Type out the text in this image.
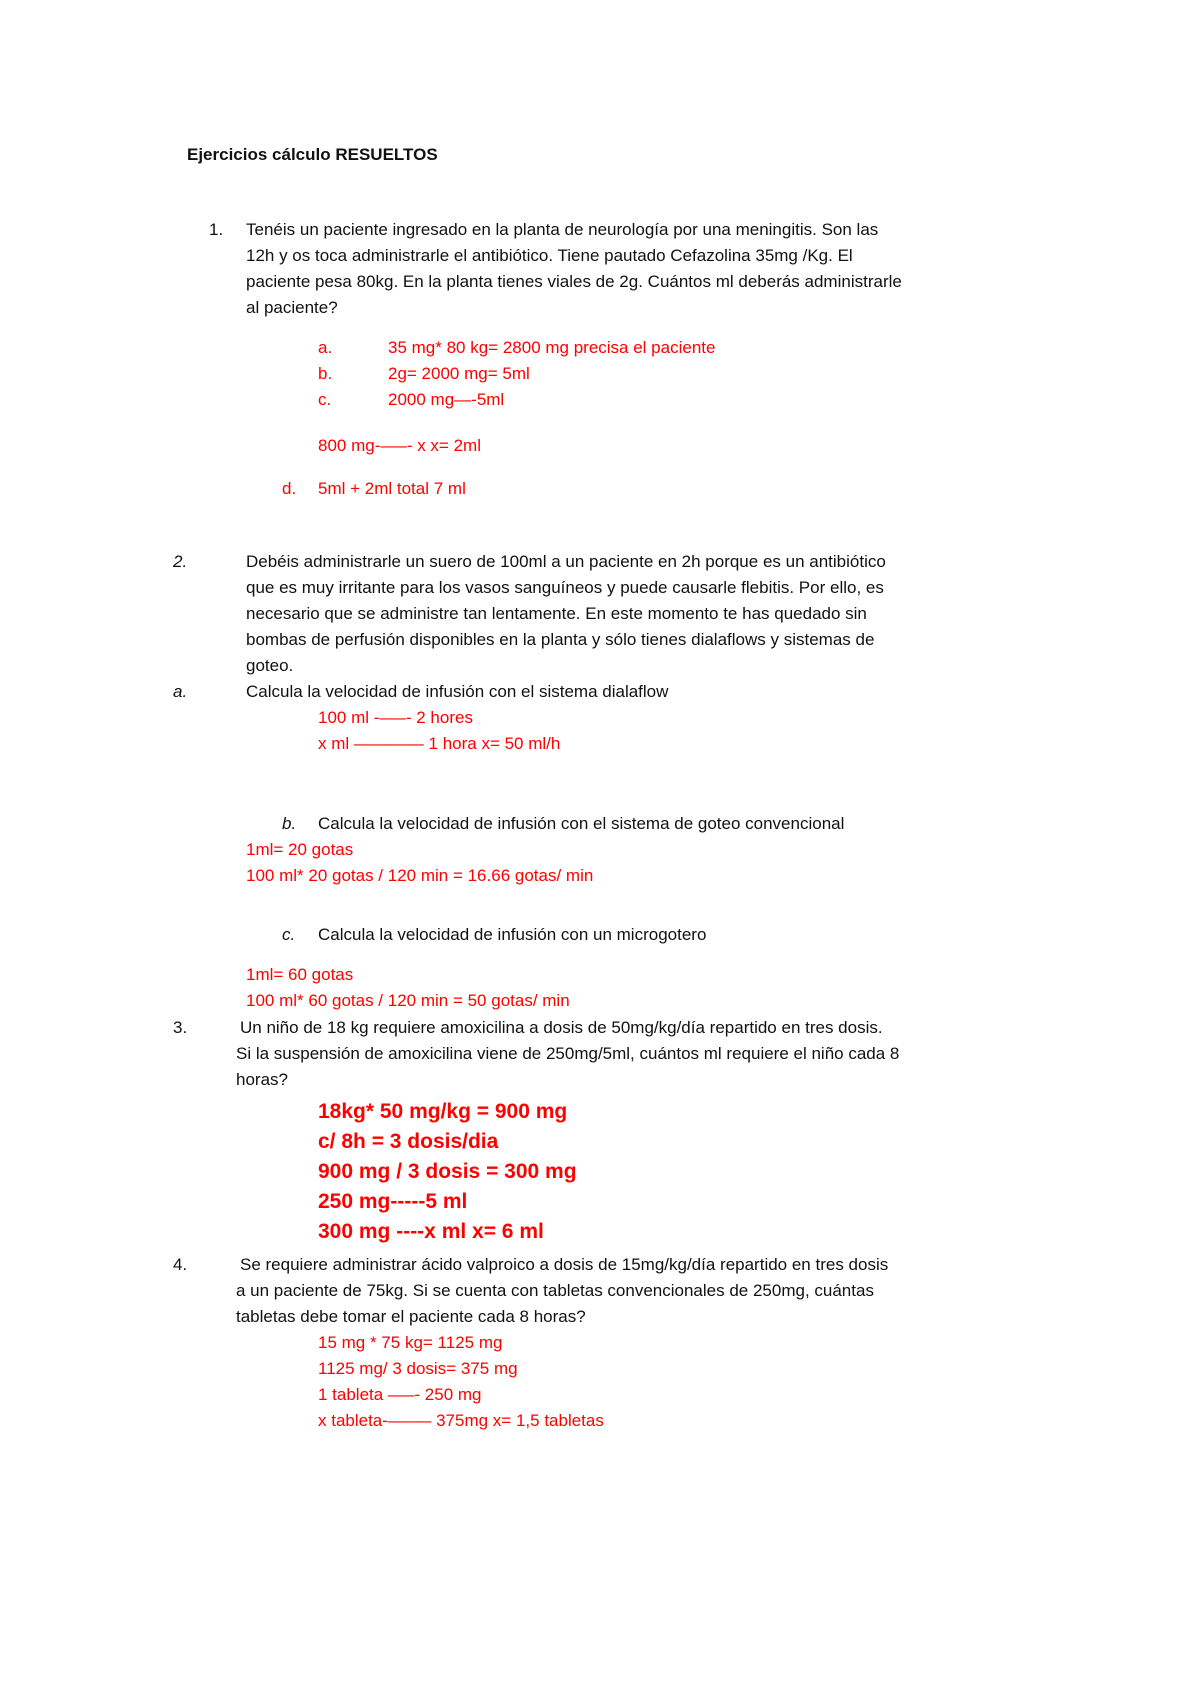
Ejercicios cálculo RESUELTOS
1. Tenéis un paciente ingresado en la planta de neurología por una meningitis. Son las
12h y os toca administrarle el antibiótico. Tiene pautado Cefazolina 35mg /Kg. El
paciente pesa 80kg. En la planta tienes viales de 2g. Cuántos ml deberás administrarle
al paciente?
a.	35 mg* 80 kg= 2800 mg precisa el paciente
b.	2g= 2000 mg= 5ml
c.	2000 mg—-5ml
800 mg-–—- x x= 2ml
d. 5ml + 2ml total 7 ml
2.	Debéis administrarle un suero de 100ml a un paciente en 2h porque es un antibiótico
que es muy irritante para los vasos sanguíneos y puede causarle flebitis. Por ello, es
necesario que se administre tan lentamente. En este momento te has quedado sin
bombas de perfusión disponibles en la planta y sólo tienes dialaflows y sistemas de
goteo.
a.	Calcula la velocidad de infusión con el sistema dialaflow
100 ml -–—- 2 hores
x ml —–—–— 1 hora x= 50 ml/h
b. Calcula la velocidad de infusión con el sistema de goteo convencional
1ml= 20 gotas
100 ml* 20 gotas / 120 min = 16.66 gotas/ min
c. Calcula la velocidad de infusión con un microgotero
1ml= 60 gotas
100 ml* 60 gotas / 120 min = 50 gotas/ min
3.	Un niño de 18 kg requiere amoxicilina a dosis de 50mg/kg/día repartido en tres dosis.
Si la suspensión de amoxicilina viene de 250mg/5ml, cuántos ml requiere el niño cada 8
horas?
18kg* 50 mg/kg = 900 mg
c/ 8h = 3 dosis/dia
900 mg / 3 dosis = 300 mg
250 mg-----5 ml
300 mg ----x ml x= 6 ml
4.	Se requiere administrar ácido valproico a dosis de 15mg/kg/día repartido en tres dosis
a un paciente de 75kg. Si se cuenta con tabletas convencionales de 250mg, cuántas
tabletas debe tomar el paciente cada 8 horas?
15 mg * 75 kg= 1125 mg
1125 mg/ 3 dosis= 375 mg
1 tableta —–- 250 mg
x tableta-—–— 375mg x= 1,5 tabletas
